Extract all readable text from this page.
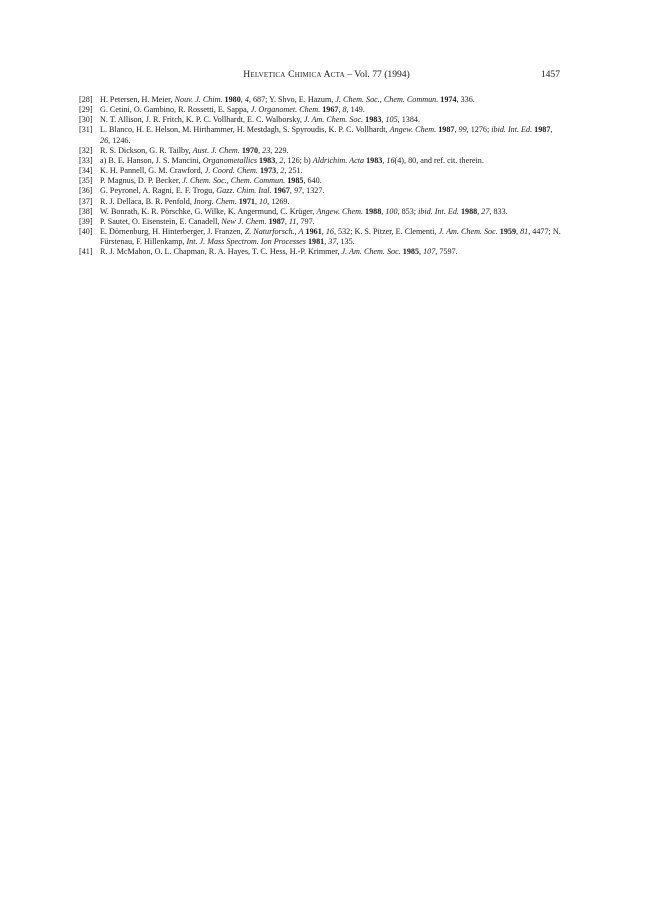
Helvetica Chimica Acta – Vol. 77 (1994)	1457
[28] H. Petersen, H. Meier, Nouv. J. Chim. 1980, 4, 687; Y. Shvo, E. Hazum, J. Chem. Soc., Chem. Commun. 1974, 336.
[29] G. Cetini, O. Gambino, R. Rossetti, E. Sappa, J. Organomet. Chem. 1967, 8, 149.
[30] N. T. Allison, J. R. Fritch, K. P. C. Vollhardt, E. C. Walborsky, J. Am. Chem. Soc. 1983, 105, 1384.
[31] L. Blanco, H. E. Helson, M. Hirthammer, H. Mestdagh, S. Spyroudis, K. P. C. Vollhardt, Angew. Chem. 1987, 99, 1276; ibid. Int. Ed. 1987, 26, 1246.
[32] R. S. Dickson, G. R. Tailby, Aust. J. Chem. 1970, 23, 229.
[33] a) B. E. Hanson, J. S. Mancini, Organometallics 1983, 2, 126; b) Aldrichim. Acta 1983, 16(4), 80, and ref. cit. therein.
[34] K. H. Pannell, G. M. Crawford, J. Coord. Chem. 1973, 2, 251.
[35] P. Magnus, D. P. Becker, J. Chem. Soc., Chem. Commun. 1985, 640.
[36] G. Peyronel, A. Ragni, E. F. Trogu, Gazz. Chim. Ital. 1967, 97, 1327.
[37] R. J. Dellaca, B. R. Penfold, Inorg. Chem. 1971, 10, 1269.
[38] W. Bonrath, K. R. Pörschke, G. Wilke, K. Angermund, C. Krüger, Angew. Chem. 1988, 100, 853; ibid. Int. Ed. 1988, 27, 833.
[39] P. Sautet, O. Eisenstein, E. Canadell, New J. Chem. 1987, 11, 797.
[40] E. Dörnenburg, H. Hinterberger, J. Franzen, Z. Naturforsch., A 1961, 16, 532; K. S. Pitzer, E. Clementi, J. Am. Chem. Soc. 1959, 81, 4477; N. Fürstenau, F. Hillenkamp, Int. J. Mass Spectrom. Ion Processes 1981, 37, 135.
[41] R. J. McMahon, O. L. Chapman, R. A. Hayes, T. C. Hess, H.-P. Krimmer, J. Am. Chem. Soc. 1985, 107, 7597.
